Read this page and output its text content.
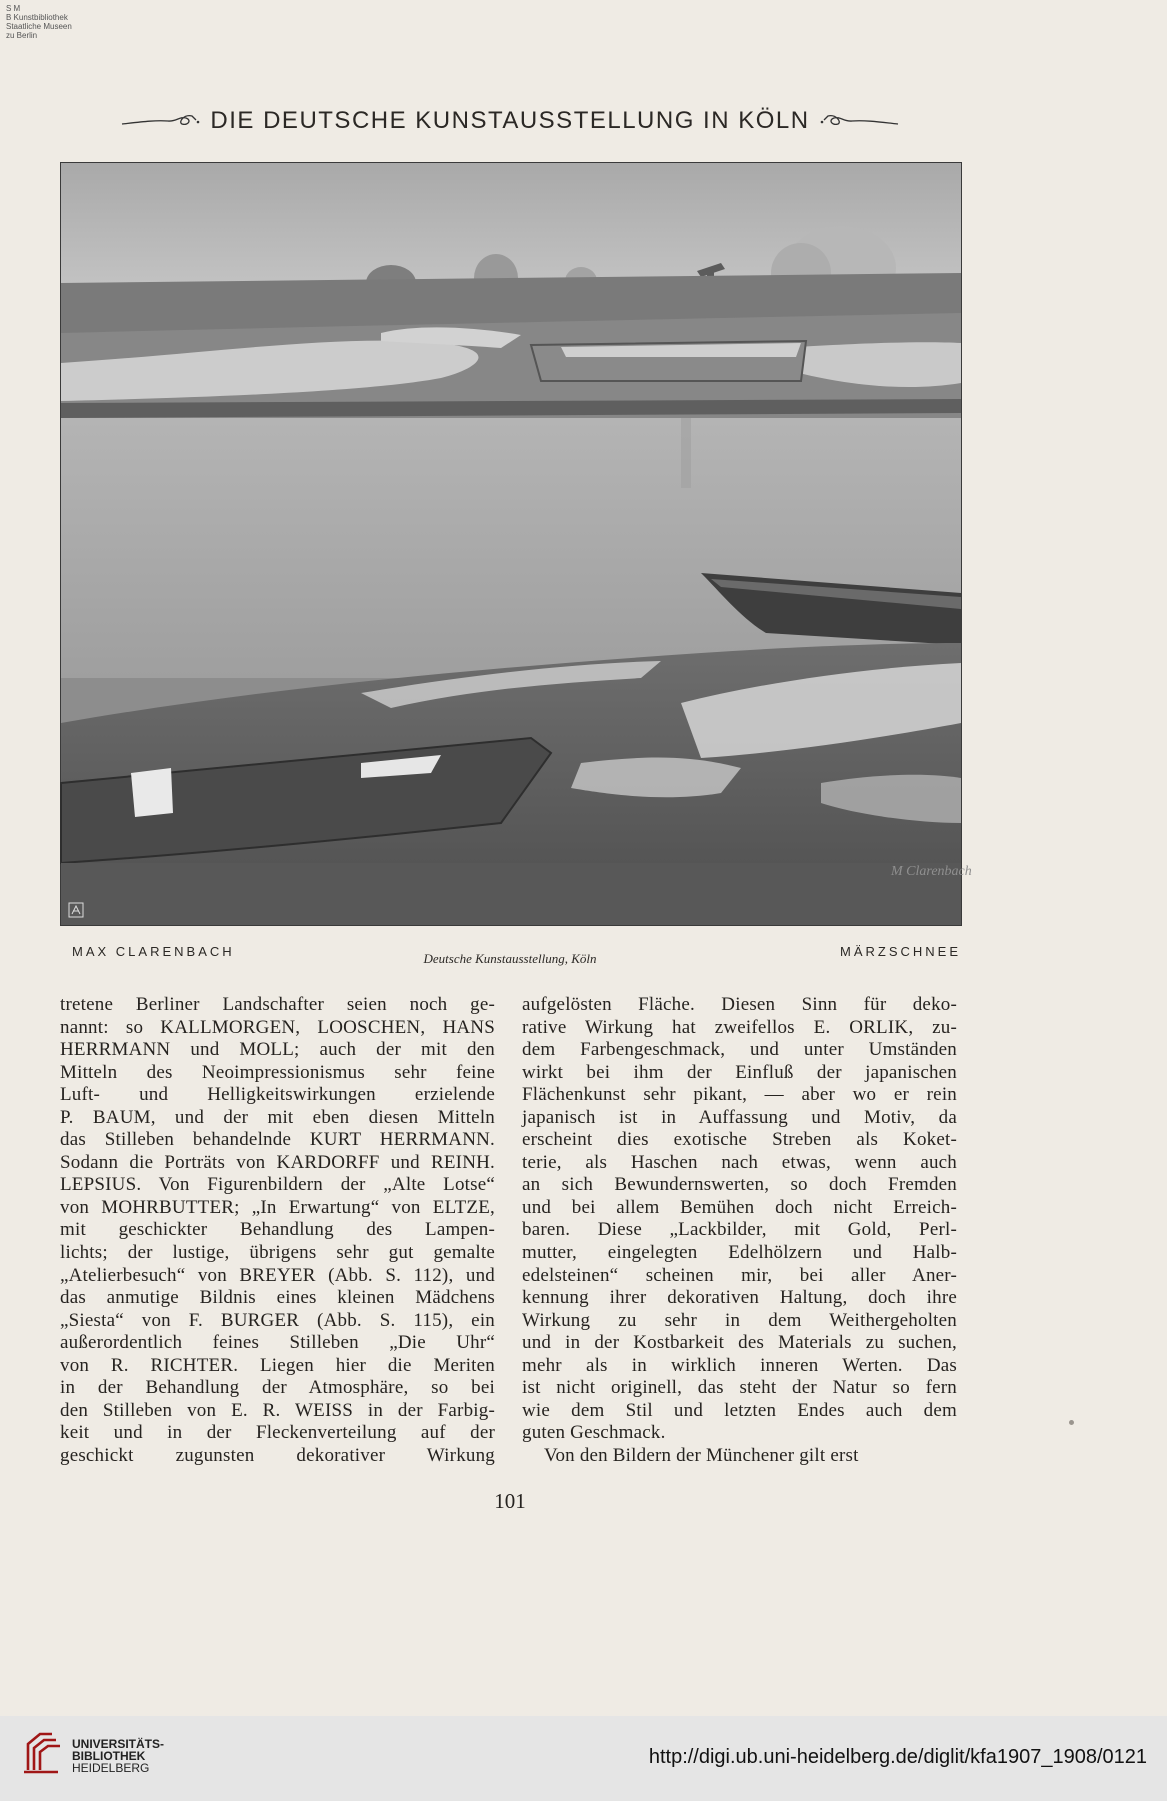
S M
B Kunstbibliothek
Staatliche Museen
zu Berlin
DIE DEUTSCHE KUNSTAUSSTELLUNG IN KÖLN
M Clarenbach
MAX CLARENBACH	Deutsche Kunstausstellung, Köln	MÄRZSCHNEE
tretene Berliner Landschafter seien noch ge-
nannt: so KALLMORGEN, LOOSCHEN, HANS
HERRMANN und MOLL; auch der mit den
Mitteln des Neoimpressionismus sehr feine
Luft- und Helligkeitswirkungen erzielende
P. BAUM, und der mit eben diesen Mitteln
das Stilleben behandelnde KURT HERRMANN.
Sodann die Porträts von KARDORFF und REINH.
LEPSIUS. Von Figurenbildern der „Alte Lotse“
von MOHRBUTTER; „In Erwartung“ von ELTZE,
mit geschickter Behandlung des Lampen-
lichts; der lustige, übrigens sehr gut gemalte
„Atelierbesuch“ von BREYER (Abb. S. 112), und
das anmutige Bildnis eines kleinen Mädchens
„Siesta“ von F. BURGER (Abb. S. 115), ein
außerordentlich feines Stilleben „Die Uhr“
von R. RICHTER. Liegen hier die Meriten
in der Behandlung der Atmosphäre, so bei
den Stilleben von E. R. WEISS in der Farbig-
keit und in der Fleckenverteilung auf der
geschickt zugunsten dekorativer Wirkung
aufgelösten Fläche. Diesen Sinn für deko-
rative Wirkung hat zweifellos E. ORLIK, zu-
dem Farbengeschmack, und unter Umständen
wirkt bei ihm der Einfluß der japanischen
Flächenkunst sehr pikant, — aber wo er rein
japanisch ist in Auffassung und Motiv, da
erscheint dies exotische Streben als Koket-
terie, als Haschen nach etwas, wenn auch
an sich Bewundernswerten, so doch Fremden
und bei allem Bemühen doch nicht Erreich-
baren. Diese „Lackbilder, mit Gold, Perl-
mutter, eingelegten Edelhölzern und Halb-
edelsteinen“ scheinen mir, bei aller Aner-
kennung ihrer dekorativen Haltung, doch ihre
Wirkung zu sehr in dem Weithergeholten
und in der Kostbarkeit des Materials zu suchen,
mehr als in wirklich inneren Werten. Das
ist nicht originell, das steht der Natur so fern
wie dem Stil und letzten Endes auch dem
guten Geschmack.
Von den Bildern der Münchener gilt erst
101
UNIVERSITÄTS-
BIBLIOTHEK
HEIDELBERG	http://digi.ub.uni-heidelberg.de/diglit/kfa1907_1908/0121
